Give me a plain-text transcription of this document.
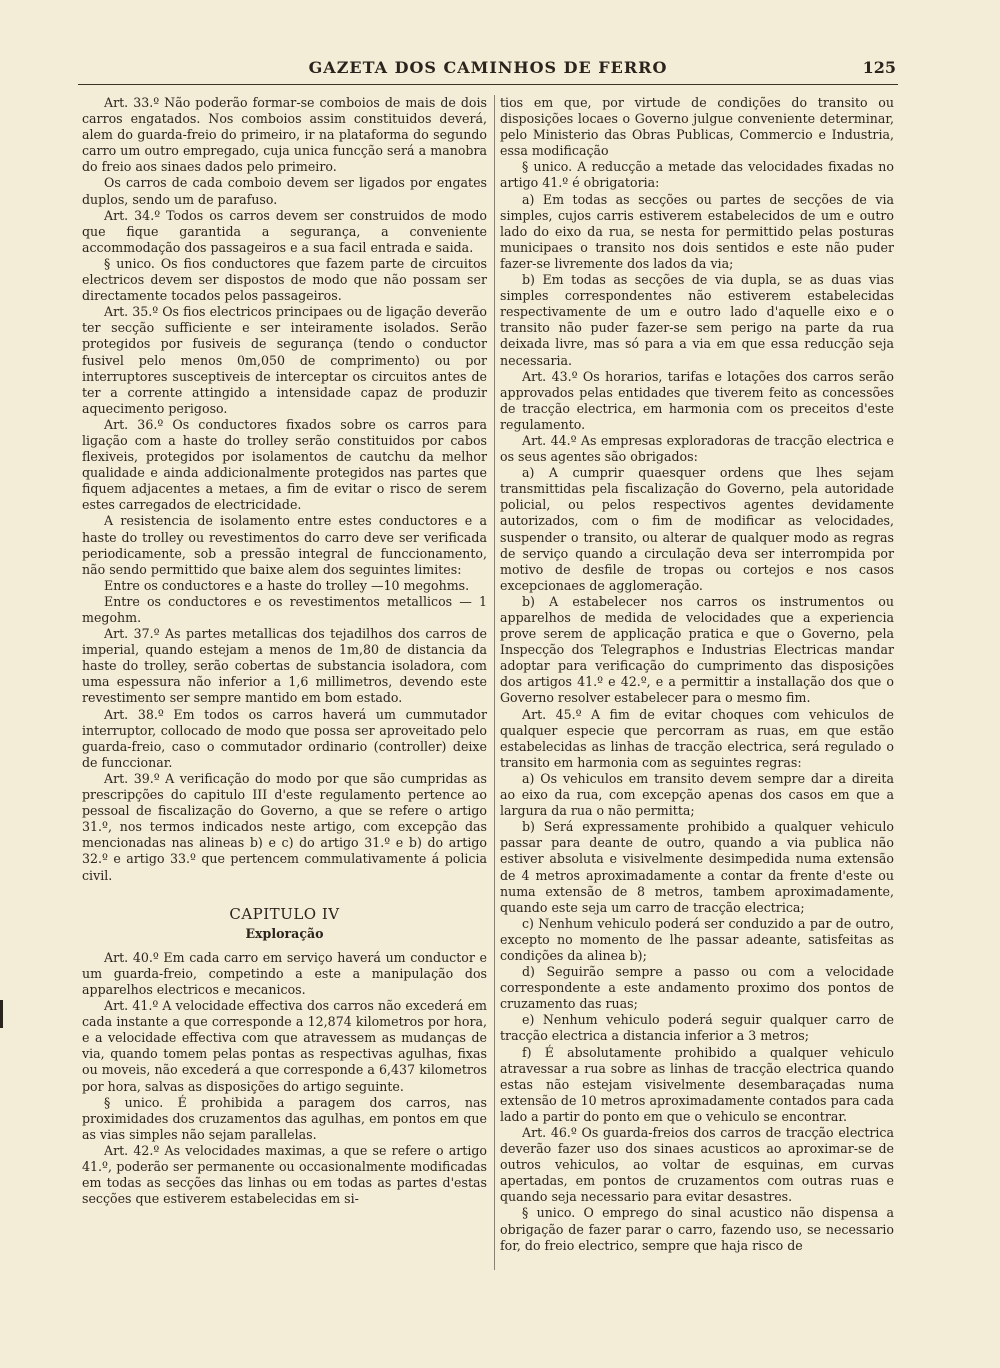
GAZETA DOS CAMINHOS DE FERRO	125

Art. 33.º Não poderão formar-se comboios de mais de dois carros engatados. Nos comboios assim constituidos deverá, alem do guarda-freio do primeiro, ir na plataforma do segundo carro um outro empregado, cuja unica funcção será a manobra do freio aos sinaes dados pelo primeiro.

Os carros de cada comboio devem ser ligados por engates duplos, sendo um de parafuso.

Art. 34.º Todos os carros devem ser construidos de modo que fique garantida a segurança, a conveniente accommodação dos passageiros e a sua facil entrada e saida.

§ unico. Os fios conductores que fazem parte de circuitos electricos devem ser dispostos de modo que não possam ser directamente tocados pelos passageiros.

Art. 35.º Os fios electricos principaes ou de ligação deverão ter secção sufficiente e ser inteiramente isolados. Serão protegidos por fusiveis de segurança (tendo o conductor fusivel pelo menos 0m,050 de comprimento) ou por interruptores susceptiveis de interceptar os circuitos antes de ter a corrente attingido a intensidade capaz de produzir aquecimento perigoso.

Art. 36.º Os conductores fixados sobre os carros para ligação com a haste do trolley serão constituidos por cabos flexiveis, protegidos por isolamentos de cautchu da melhor qualidade e ainda addicionalmente protegidos nas partes que fiquem adjacentes a metaes, a fim de evitar o risco de serem estes carregados de electricidade.

A resistencia de isolamento entre estes conductores e a haste do trolley ou revestimentos do carro deve ser verificada periodicamente, sob a pressão integral de funccionamento, não sendo permittido que baixe alem dos seguintes limites:

Entre os conductores e a haste do trolley —10 megohms.

Entre os conductores e os revestimentos metallicos — 1 megohm.

Art. 37.º As partes metallicas dos tejadilhos dos carros de imperial, quando estejam a menos de 1m,80 de distancia da haste do trolley, serão cobertas de substancia isoladora, com uma espessura não inferior a 1,6 millimetros, devendo este revestimento ser sempre mantido em bom estado.

Art. 38.º Em todos os carros haverá um cummutador interruptor, collocado de modo que possa ser aproveitado pelo guarda-freio, caso o commutador ordinario (controller) deixe de funccionar.

Art. 39.º A verificação do modo por que são cumpridas as prescripções do capitulo III d'este regulamento pertence ao pessoal de fiscalização do Governo, a que se refere o artigo 31.º, nos termos indicados neste artigo, com excepção das mencionadas nas alineas b) e c) do artigo 31.º e b) do artigo 32.º e artigo 33.º que pertencem commulativamente á policia civil.

CAPITULO IV

Exploração

Art. 40.º Em cada carro em serviço haverá um conductor e um guarda-freio, competindo a este a manipulação dos apparelhos electricos e mecanicos.

Art. 41.º A velocidade effectiva dos carros não excederá em cada instante a que corresponde a 12,874 kilometros por hora, e a velocidade effectiva com que atravessem as mudanças de via, quando tomem pelas pontas as respectivas agulhas, fixas ou moveis, não excederá a que corresponde a 6,437 kilometros por hora, salvas as disposições do artigo seguinte.

§ unico. É prohibida a paragem dos carros, nas proximidades dos cruzamentos das agulhas, em pontos em que as vias simples não sejam parallelas.

Art. 42.º As velocidades maximas, a que se refere o artigo 41.º, poderão ser permanente ou occasionalmente modificadas em todas as secções das linhas ou em todas as partes d'estas secções que estiverem estabelecidas em si-

tios em que, por virtude de condições do transito ou disposições locaes o Governo julgue conveniente determinar, pelo Ministerio das Obras Publicas, Commercio e Industria, essa modificação

§ unico. A reducção a metade das velocidades fixadas no artigo 41.º é obrigatoria:

a) Em todas as secções ou partes de secções de via simples, cujos carris estiverem estabelecidos de um e outro lado do eixo da rua, se nesta for permittido pelas posturas municipaes o transito nos dois sentidos e este não puder fazer-se livremente dos lados da via;

b) Em todas as secções de via dupla, se as duas vias simples correspondentes não estiverem estabelecidas respectivamente de um e outro lado d'aquelle eixo e o transito não puder fazer-se sem perigo na parte da rua deixada livre, mas só para a via em que essa reducção seja necessaria.

Art. 43.º Os horarios, tarifas e lotações dos carros serão approvados pelas entidades que tiverem feito as concessões de tracção electrica, em harmonia com os preceitos d'este regulamento.

Art. 44.º As empresas exploradoras de tracção electrica e os seus agentes são obrigados:

a) A cumprir quaesquer ordens que lhes sejam transmittidas pela fiscalização do Governo, pela autoridade policial, ou pelos respectivos agentes devidamente autorizados, com o fim de modificar as velocidades, suspender o transito, ou alterar de qualquer modo as regras de serviço quando a circulação deva ser interrompida por motivo de desfile de tropas ou cortejos e nos casos excepcionaes de agglomeração.

b) A estabelecer nos carros os instrumentos ou apparelhos de medida de velocidades que a experiencia prove serem de applicação pratica e que o Governo, pela Inspecção dos Telegraphos e Industrias Electricas mandar adoptar para verificação do cumprimento das disposições dos artigos 41.º e 42.º, e a permittir a installação dos que o Governo resolver estabelecer para o mesmo fim.

Art. 45.º A fim de evitar choques com vehiculos de qualquer especie que percorram as ruas, em que estão estabelecidas as linhas de tracção electrica, será regulado o transito em harmonia com as seguintes regras:

a) Os vehiculos em transito devem sempre dar a direita ao eixo da rua, com excepção apenas dos casos em que a largura da rua o não permitta;

b) Será expressamente prohibido a qualquer vehiculo passar para deante de outro, quando a via publica não estiver absoluta e visivelmente desimpedida numa extensão de 4 metros aproximadamente a contar da frente d'este ou numa extensão de 8 metros, tambem aproximadamente, quando este seja um carro de tracção electrica;

c) Nenhum vehiculo poderá ser conduzido a par de outro, excepto no momento de lhe passar adeante, satisfeitas as condições da alinea b);

d) Seguirão sempre a passo ou com a velocidade correspondente a este andamento proximo dos pontos de cruzamento das ruas;

e) Nenhum vehiculo poderá seguir qualquer carro de tracção electrica a distancia inferior a 3 metros;

f) É absolutamente prohibido a qualquer vehiculo atravessar a rua sobre as linhas de tracção electrica quando estas não estejam visivelmente desembaraçadas numa extensão de 10 metros aproximadamente contados para cada lado a partir do ponto em que o vehiculo se encontrar.

Art. 46.º Os guarda-freios dos carros de tracção electrica deverão fazer uso dos sinaes acusticos ao aproximar-se de outros vehiculos, ao voltar de esquinas, em curvas apertadas, em pontos de cruzamentos com outras ruas e quando seja necessario para evitar desastres.

§ unico. O emprego do sinal acustico não dispensa a obrigação de fazer parar o carro, fazendo uso, se necessario for, do freio electrico, sempre que haja risco de
